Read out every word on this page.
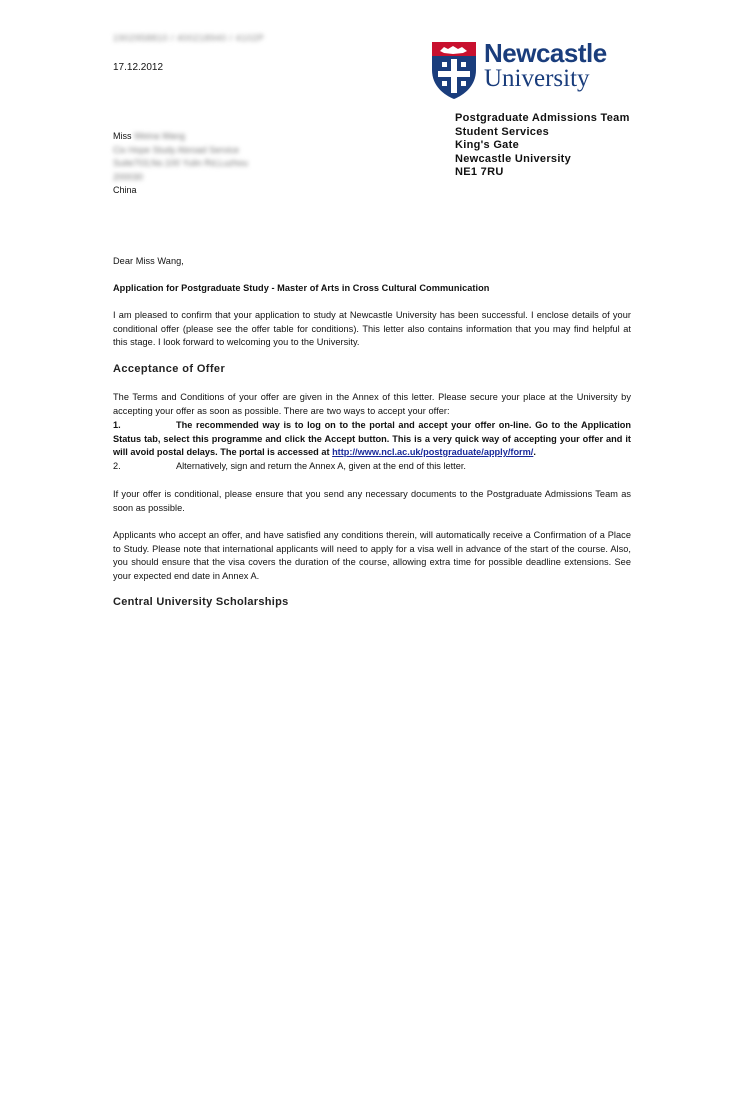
1902958810 / 400218940 / 4102P
17.12.2012	Newcastle
University
Postgraduate Admissions Team
Student Services
King's Gate
Newcastle University
NE1 7RU
Miss Weina Wang
Cix Hope Study Abroad Service
Suite703,No.100 Yulin Rd,Luzhou
200030
China
Dear Miss Wang,
Application for Postgraduate Study - Master of Arts in Cross Cultural Communication
I am pleased to confirm that your application to study at Newcastle University has been successful. I enclose details of your conditional offer (please see the offer table for conditions). This letter also contains information that you may find helpful at this stage. I look forward to welcoming you to the University.
Acceptance of Offer
The Terms and Conditions of your offer are given in the Annex of this letter. Please secure your place at the University by accepting your offer as soon as possible. There are two ways to accept your offer:
1.	The recommended way is to log on to the portal and accept your offer on-line. Go to the Application Status tab, select this programme and click the Accept button. This is a very quick way of accepting your offer and it will avoid postal delays. The portal is accessed at http://www.ncl.ac.uk/postgraduate/apply/form/.
2.	Alternatively, sign and return the Annex A, given at the end of this letter.
If your offer is conditional, please ensure that you send any necessary documents to the Postgraduate Admissions Team as soon as possible.
Applicants who accept an offer, and have satisfied any conditions therein, will automatically receive a Confirmation of a Place to Study. Please note that international applicants will need to apply for a visa well in advance of the start of the course. Also, you should ensure that the visa covers the duration of the course, allowing extra time for possible deadline extensions. See your expected end date in Annex A.
Central University Scholarships
